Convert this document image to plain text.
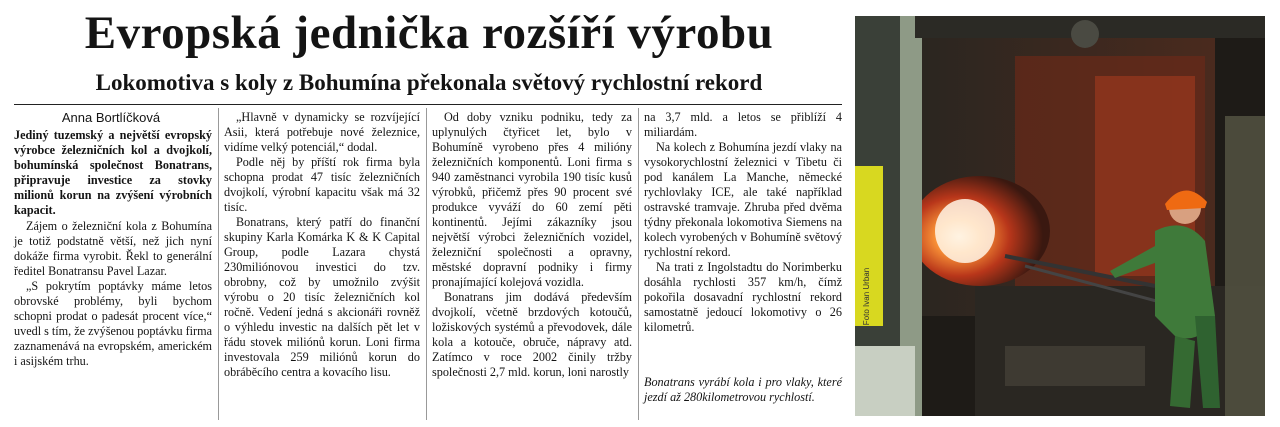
Evropská jednička rozšíří výrobu
Lokomotiva s koly z Bohumína překonala světový rychlostní rekord
Anna Bortlíčková

Jediný tuzemský a největší evropský výrobce železničních kol a dvojkolí, bohumínská společnost Bonatrans, připravuje investice za stovky milionů korun na zvýšení výrobních kapacit.

Zájem o železniční kola z Bohumína je totiž podstatně větší, než jich nyní dokáže firma vyrobit. Řekl to generální ředitel Bonatransu Pavel Lazar.

„S pokrytím poptávky máme letos obrovské problémy, byli bychom schopni prodat o padesát procent více,“ uvedl s tím, že zvýšenou poptávku firma zaznamenává na evropském, americkém i asijském trhu.

„Hlavně v dynamicky se rozvíjející Asii, která potřebuje nové železnice, vidíme velký potenciál,“ dodal.

Podle něj by příští rok firma byla schopna prodat 47 tisíc železničních dvojkolí, výrobní kapacitu však má 32 tisíc.

Bonatrans, který patří do finanční skupiny Karla Komárka K & K Capital Group, podle Lazara chystá 230miliónovou investici do tzv. obrobny, což by umožnilo zvýšit výrobu o 20 tisíc železničních kol ročně. Vedení jedná s akcionáři rovněž o výhledu investic na dalších pět let v řádu stovek miliónů korun. Loni firma investovala 259 miliónů korun do obráběcího centra a kovacího lisu.

Od doby vzniku podniku, tedy za uplynulých čtyřicet let, bylo v Bohumíně vyrobeno přes 4 milióny železničních komponentů. Loni firma s 940 zaměstnanci vyrobila 190 tisíc kusů výrobků, přičemž přes 90 procent své produkce vyváží do 60 zemí pěti kontinentů. Jejími zákazníky jsou největší výrobci železničních vozidel, železniční společnosti a opravny, městské dopravní podniky i firmy pronajímající kolejová vozidla.

Bonatrans jim dodává především dvojkolí, včetně brzdových kotoučů, ložiskových systémů a převodovek, dále kola a kotouče, obruče, nápravy atd. Zatímco v roce 2002 činily tržby společnosti 2,7 mld. korun, loni narostly

na 3,7 mld. a letos se přiblíží 4 miliardám.

Na kolech z Bohumína jezdí vlaky na vysokorychlostní železnici v Tibetu či pod kanálem La Manche, německé rychlovlaky ICE, ale také například ostravské tramvaje. Zhruba před dvěma týdny překonala lokomotiva Siemens na kolech vyrobených v Bohumíně světový rychlostní rekord.

Na trati z Ingolstadtu do Norimberku dosáhla rychlosti 357 km/h, čímž pokořila dosavadní rychlostní rekord samostatně jedoucí lokomotivy o 26 kilometrů.

Bonatrans vyrábí kola i pro vlaky, které jezdí až 280kilometrovou rychlostí.
Foto Ivan Urban
